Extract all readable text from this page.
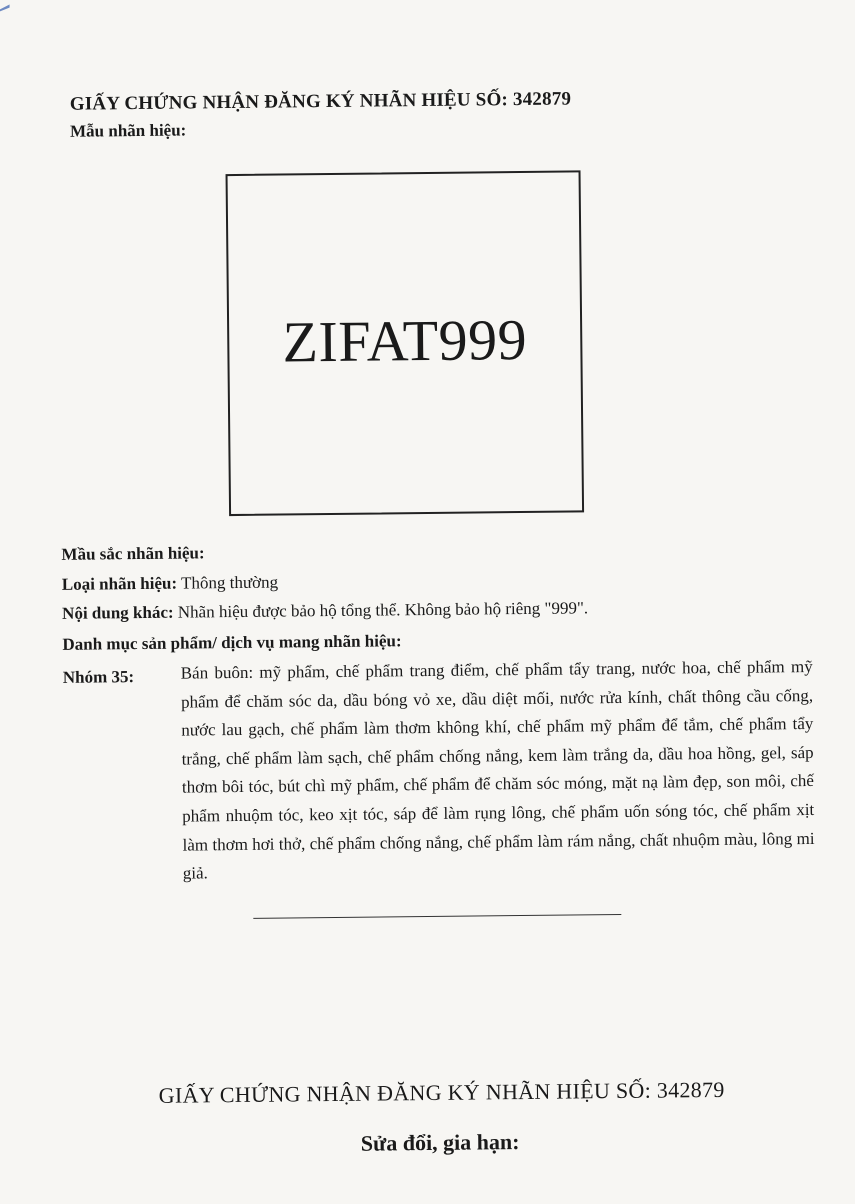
GIẤY CHỨNG NHẬN ĐĂNG KÝ NHÃN HIỆU SỐ: 342879
Mẫu nhãn hiệu:
ZIFAT999
Mầu sắc nhãn hiệu:
Loại nhãn hiệu: Thông thường
Nội dung khác: Nhãn hiệu được bảo hộ tổng thể. Không bảo hộ riêng "999".
Danh mục sản phẩm/ dịch vụ mang nhãn hiệu:
Nhóm 35:	Bán buôn: mỹ phẩm, chế phẩm trang điểm, chế phẩm tẩy trang, nước hoa, chế phẩm mỹ phẩm để chăm sóc da, dầu bóng vỏ xe, dầu diệt mối, nước rửa kính, chất thông cầu cống, nước lau gạch, chế phẩm làm thơm không khí, chế phẩm mỹ phẩm để tắm, chế phẩm tẩy trắng, chế phẩm làm sạch, chế phẩm chống nắng, kem làm trắng da, dầu hoa hồng, gel, sáp thơm bôi tóc, bút chì mỹ phẩm, chế phẩm để chăm sóc móng, mặt nạ làm đẹp, son môi, chế phẩm nhuộm tóc, keo xịt tóc, sáp để làm rụng lông, chế phẩm uốn sóng tóc, chế phẩm xịt làm thơm hơi thở, chế phẩm chống nắng, chế phẩm làm rám nắng, chất nhuộm màu, lông mi giả.
GIẤY CHỨNG NHẬN ĐĂNG KÝ NHÃN HIỆU SỐ: 342879
Sửa đổi, gia hạn:
